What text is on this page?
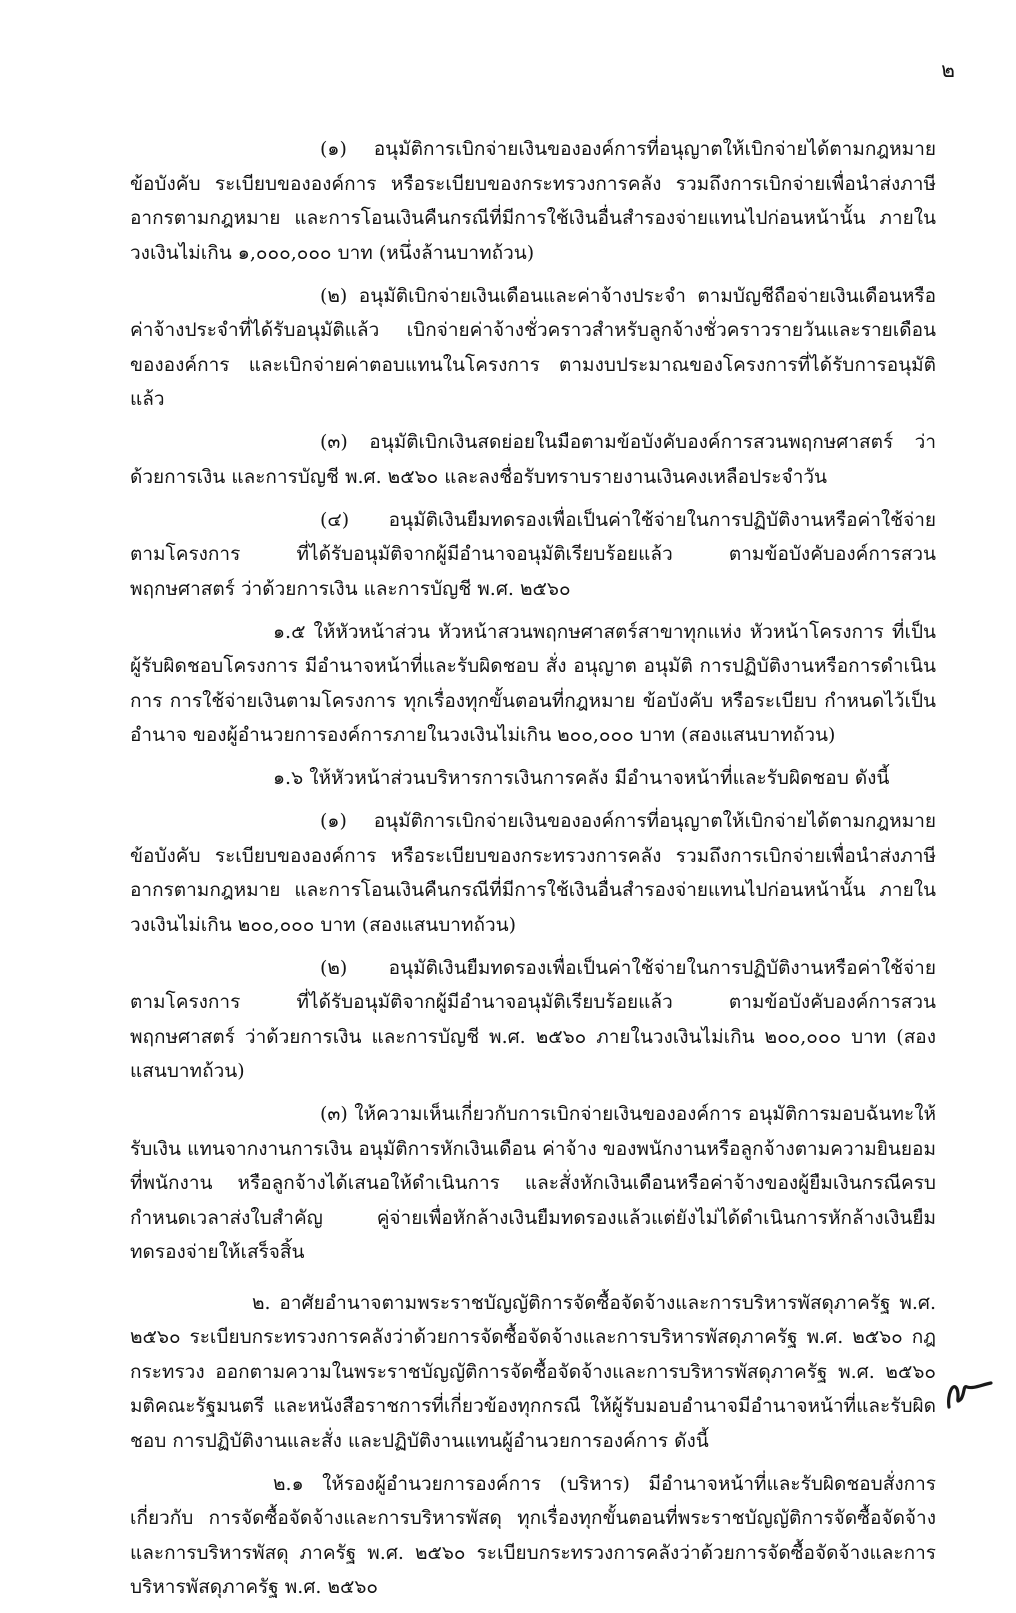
๒

(๑) อนุมัติการเบิกจ่ายเงินขององค์การที่อนุญาตให้เบิกจ่ายได้ตามกฎหมาย ข้อบังคับ ระเบียบขององค์การ หรือระเบียบของกระทรวงการคลัง รวมถึงการเบิกจ่ายเพื่อนำส่งภาษีอากรตามกฎหมาย และการโอนเงินคืนกรณีที่มีการใช้เงินอื่นสำรองจ่ายแทนไปก่อนหน้านั้น ภายในวงเงินไม่เกิน ๑,๐๐๐,๐๐๐ บาท (หนึ่งล้านบาทถ้วน)

(๒) อนุมัติเบิกจ่ายเงินเดือนและค่าจ้างประจำ ตามบัญชีถือจ่ายเงินเดือนหรือค่าจ้างประจำที่ได้รับอนุมัติแล้ว เบิกจ่ายค่าจ้างชั่วคราวสำหรับลูกจ้างชั่วคราวรายวันและรายเดือนขององค์การ และเบิกจ่ายค่าตอบแทนในโครงการ ตามงบประมาณของโครงการที่ได้รับการอนุมัติแล้ว

(๓) อนุมัติเบิกเงินสดย่อยในมือตามข้อบังคับองค์การสวนพฤกษศาสตร์ ว่าด้วยการเงิน และการบัญชี พ.ศ. ๒๕๖๐ และลงชื่อรับทราบรายงานเงินคงเหลือประจำวัน

(๔) อนุมัติเงินยืมทดรองเพื่อเป็นค่าใช้จ่ายในการปฏิบัติงานหรือค่าใช้จ่ายตามโครงการ ที่ได้รับอนุมัติจากผู้มีอำนาจอนุมัติเรียบร้อยแล้ว ตามข้อบังคับองค์การสวนพฤกษศาสตร์ ว่าด้วยการเงิน และการบัญชี พ.ศ. ๒๕๖๐

๑.๕ ให้หัวหน้าส่วน หัวหน้าสวนพฤกษศาสตร์สาขาทุกแห่ง หัวหน้าโครงการ ที่เป็นผู้รับผิดชอบโครงการ มีอำนาจหน้าที่และรับผิดชอบ สั่ง อนุญาต อนุมัติ การปฏิบัติงานหรือการดำเนินการ การใช้จ่ายเงินตามโครงการ ทุกเรื่องทุกขั้นตอนที่กฎหมาย ข้อบังคับ หรือระเบียบ กำหนดไว้เป็นอำนาจ ของผู้อำนวยการองค์การภายในวงเงินไม่เกิน ๒๐๐,๐๐๐ บาท (สองแสนบาทถ้วน)

๑.๖ ให้หัวหน้าส่วนบริหารการเงินการคลัง มีอำนาจหน้าที่และรับผิดชอบ ดังนี้

(๑) อนุมัติการเบิกจ่ายเงินขององค์การที่อนุญาตให้เบิกจ่ายได้ตามกฎหมาย ข้อบังคับ ระเบียบขององค์การ หรือระเบียบของกระทรวงการคลัง รวมถึงการเบิกจ่ายเพื่อนำส่งภาษีอากรตามกฎหมาย และการโอนเงินคืนกรณีที่มีการใช้เงินอื่นสำรองจ่ายแทนไปก่อนหน้านั้น ภายในวงเงินไม่เกิน ๒๐๐,๐๐๐ บาท (สองแสนบาทถ้วน)

(๒) อนุมัติเงินยืมทดรองเพื่อเป็นค่าใช้จ่ายในการปฏิบัติงานหรือค่าใช้จ่ายตามโครงการ ที่ได้รับอนุมัติจากผู้มีอำนาจอนุมัติเรียบร้อยแล้ว ตามข้อบังคับองค์การสวนพฤกษศาสตร์ ว่าด้วยการเงิน และการบัญชี พ.ศ. ๒๕๖๐ ภายในวงเงินไม่เกิน ๒๐๐,๐๐๐ บาท (สองแสนบาทถ้วน)

(๓) ให้ความเห็นเกี่ยวกับการเบิกจ่ายเงินขององค์การ อนุมัติการมอบฉันทะให้รับเงิน แทนจากงานการเงิน อนุมัติการหักเงินเดือน ค่าจ้าง ของพนักงานหรือลูกจ้างตามความยินยอมที่พนักงาน หรือลูกจ้างได้เสนอให้ดำเนินการ และสั่งหักเงินเดือนหรือค่าจ้างของผู้ยืมเงินกรณีครบกำหนดเวลาส่งใบสำคัญ คู่จ่ายเพื่อหักล้างเงินยืมทดรองแล้วแต่ยังไม่ได้ดำเนินการหักล้างเงินยืมทดรองจ่ายให้เสร็จสิ้น

๒. อาศัยอำนาจตามพระราชบัญญัติการจัดซื้อจัดจ้างและการบริหารพัสดุภาครัฐ พ.ศ. ๒๕๖๐ ระเบียบกระทรวงการคลังว่าด้วยการจัดซื้อจัดจ้างและการบริหารพัสดุภาครัฐ พ.ศ. ๒๕๖๐ กฎกระทรวง ออกตามความในพระราชบัญญัติการจัดซื้อจัดจ้างและการบริหารพัสดุภาครัฐ พ.ศ. ๒๕๖๐ มติคณะรัฐมนตรี และหนังสือราชการที่เกี่ยวข้องทุกกรณี ให้ผู้รับมอบอำนาจมีอำนาจหน้าที่และรับผิดชอบ การปฏิบัติงานและสั่ง และปฏิบัติงานแทนผู้อำนวยการองค์การ ดังนี้

๒.๑ ให้รองผู้อำนวยการองค์การ (บริหาร) มีอำนาจหน้าที่และรับผิดชอบสั่งการเกี่ยวกับ การจัดซื้อจัดจ้างและการบริหารพัสดุ ทุกเรื่องทุกขั้นตอนที่พระราชบัญญัติการจัดซื้อจัดจ้างและการบริหารพัสดุ ภาครัฐ พ.ศ. ๒๕๖๐ ระเบียบกระทรวงการคลังว่าด้วยการจัดซื้อจัดจ้างและการบริหารพัสดุภาครัฐ พ.ศ. ๒๕๖๐
